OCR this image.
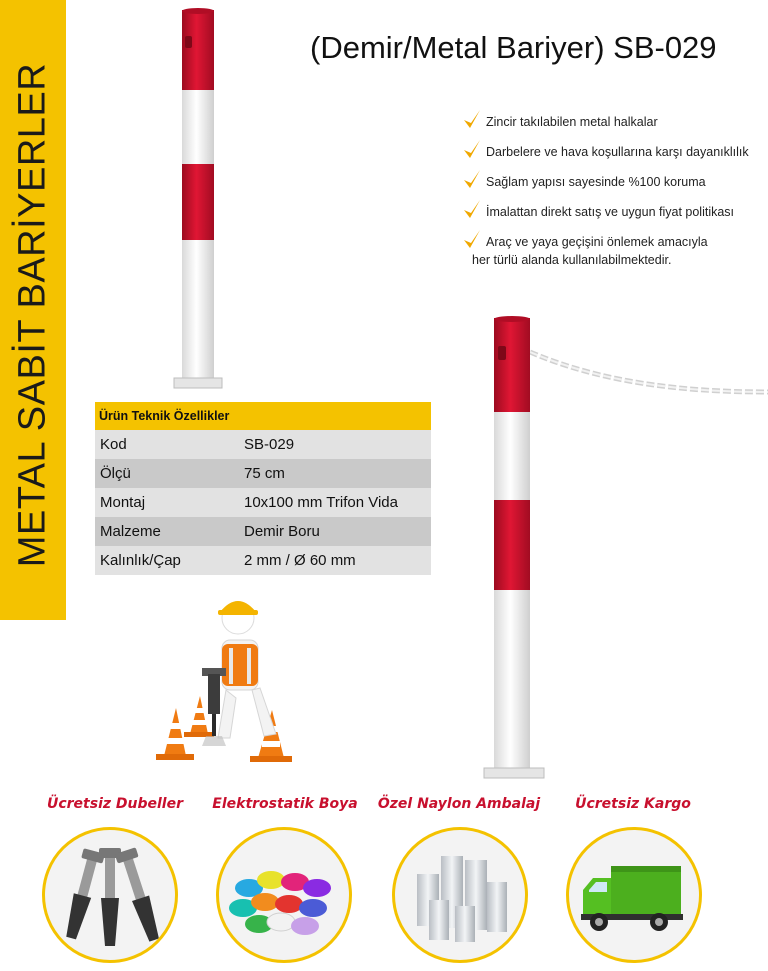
METAL SABİT BARİYERLER
(Demir/Metal Bariyer) SB-029
Zincir takılabilen metal halkalar
Darbelere ve hava koşullarına karşı dayanıklılık
Sağlam yapısı sayesinde %100 koruma
İmalattan direkt satış ve uygun fiyat politikası
Araç ve yaya geçişini önlemek amacıyla
her türlü alanda kullanılabilmektedir.
Ürün Teknik Özellikler
Kod	SB-029
Ölçü	75 cm
Montaj	10x100 mm Trifon Vida
Malzeme	Demir Boru
Kalınlık/Çap	2 mm / Ø 60 mm
Ücretsiz Dubeller	Elektrostatik Boya	Özel Naylon Ambalaj	Ücretsiz Kargo
